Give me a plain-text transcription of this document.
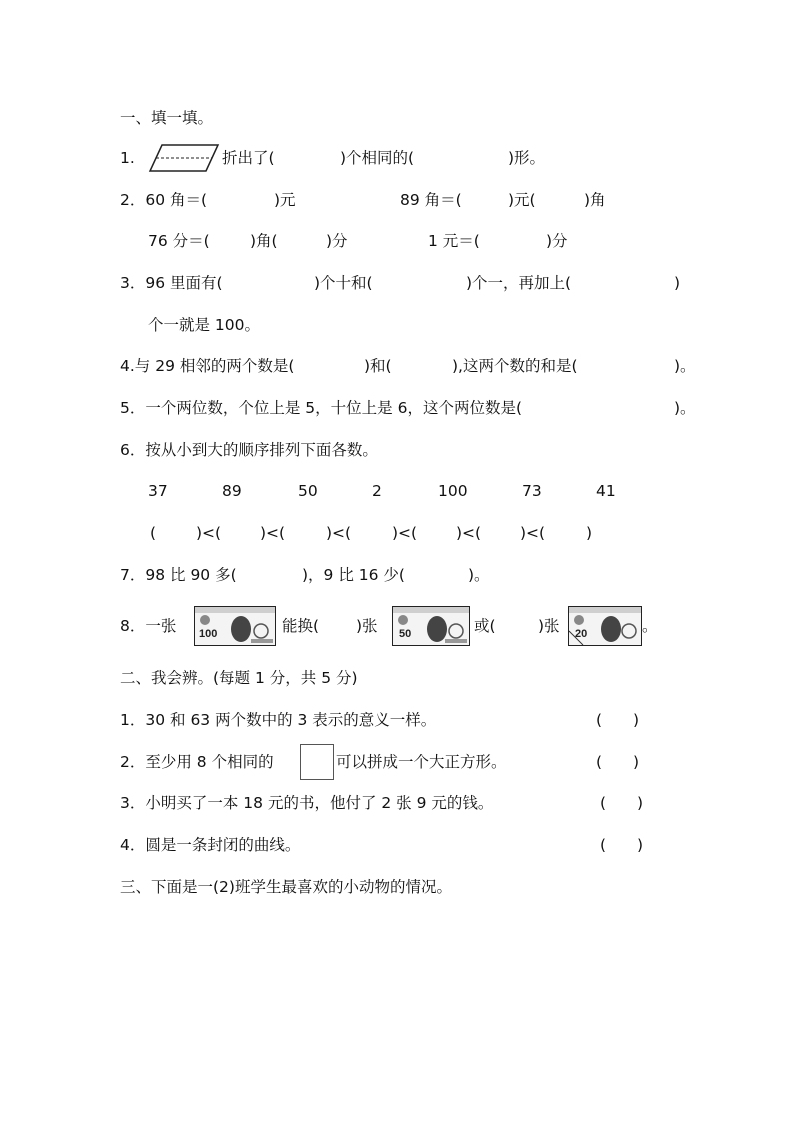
一、填一填。
1.	折出了(	)个相同的(	)形。
2．60 角＝(	)元	89 角＝(	)元(	)角
76 分＝(	)角(	)分	1 元＝(	)分
3．96 里面有(	)个十和(	)个一，再加上(	)
个一就是 100。
4.与 29 相邻的两个数是(	)和(	),这两个数的和是(	)。
5．一个两位数，个位上是 5，十位上是 6，这个两位数是(	)。
6．按从小到大的顺序排列下面各数。
37	89	50	2	100	73	41
(	)<(	)<(	)<(	)<(	)<(	)<(	)
7．98 比 90 多(	)，9 比 16 少(	)。
8．一张 100	能换( )张 50	或(	)张 20	。
二、我会辨。(每题 1 分，共 5 分)
1．30 和 63 两个数中的 3 表示的意义一样。	(　　)
2．至少用 8 个相同的	可以拼成一个大正方形。	(　　)
3．小明买了一本 18 元的书，他付了 2 张 9 元的钱。	(　　)
4．圆是一条封闭的曲线。	(　　)
三、下面是一(2)班学生最喜欢的小动物的情况。
